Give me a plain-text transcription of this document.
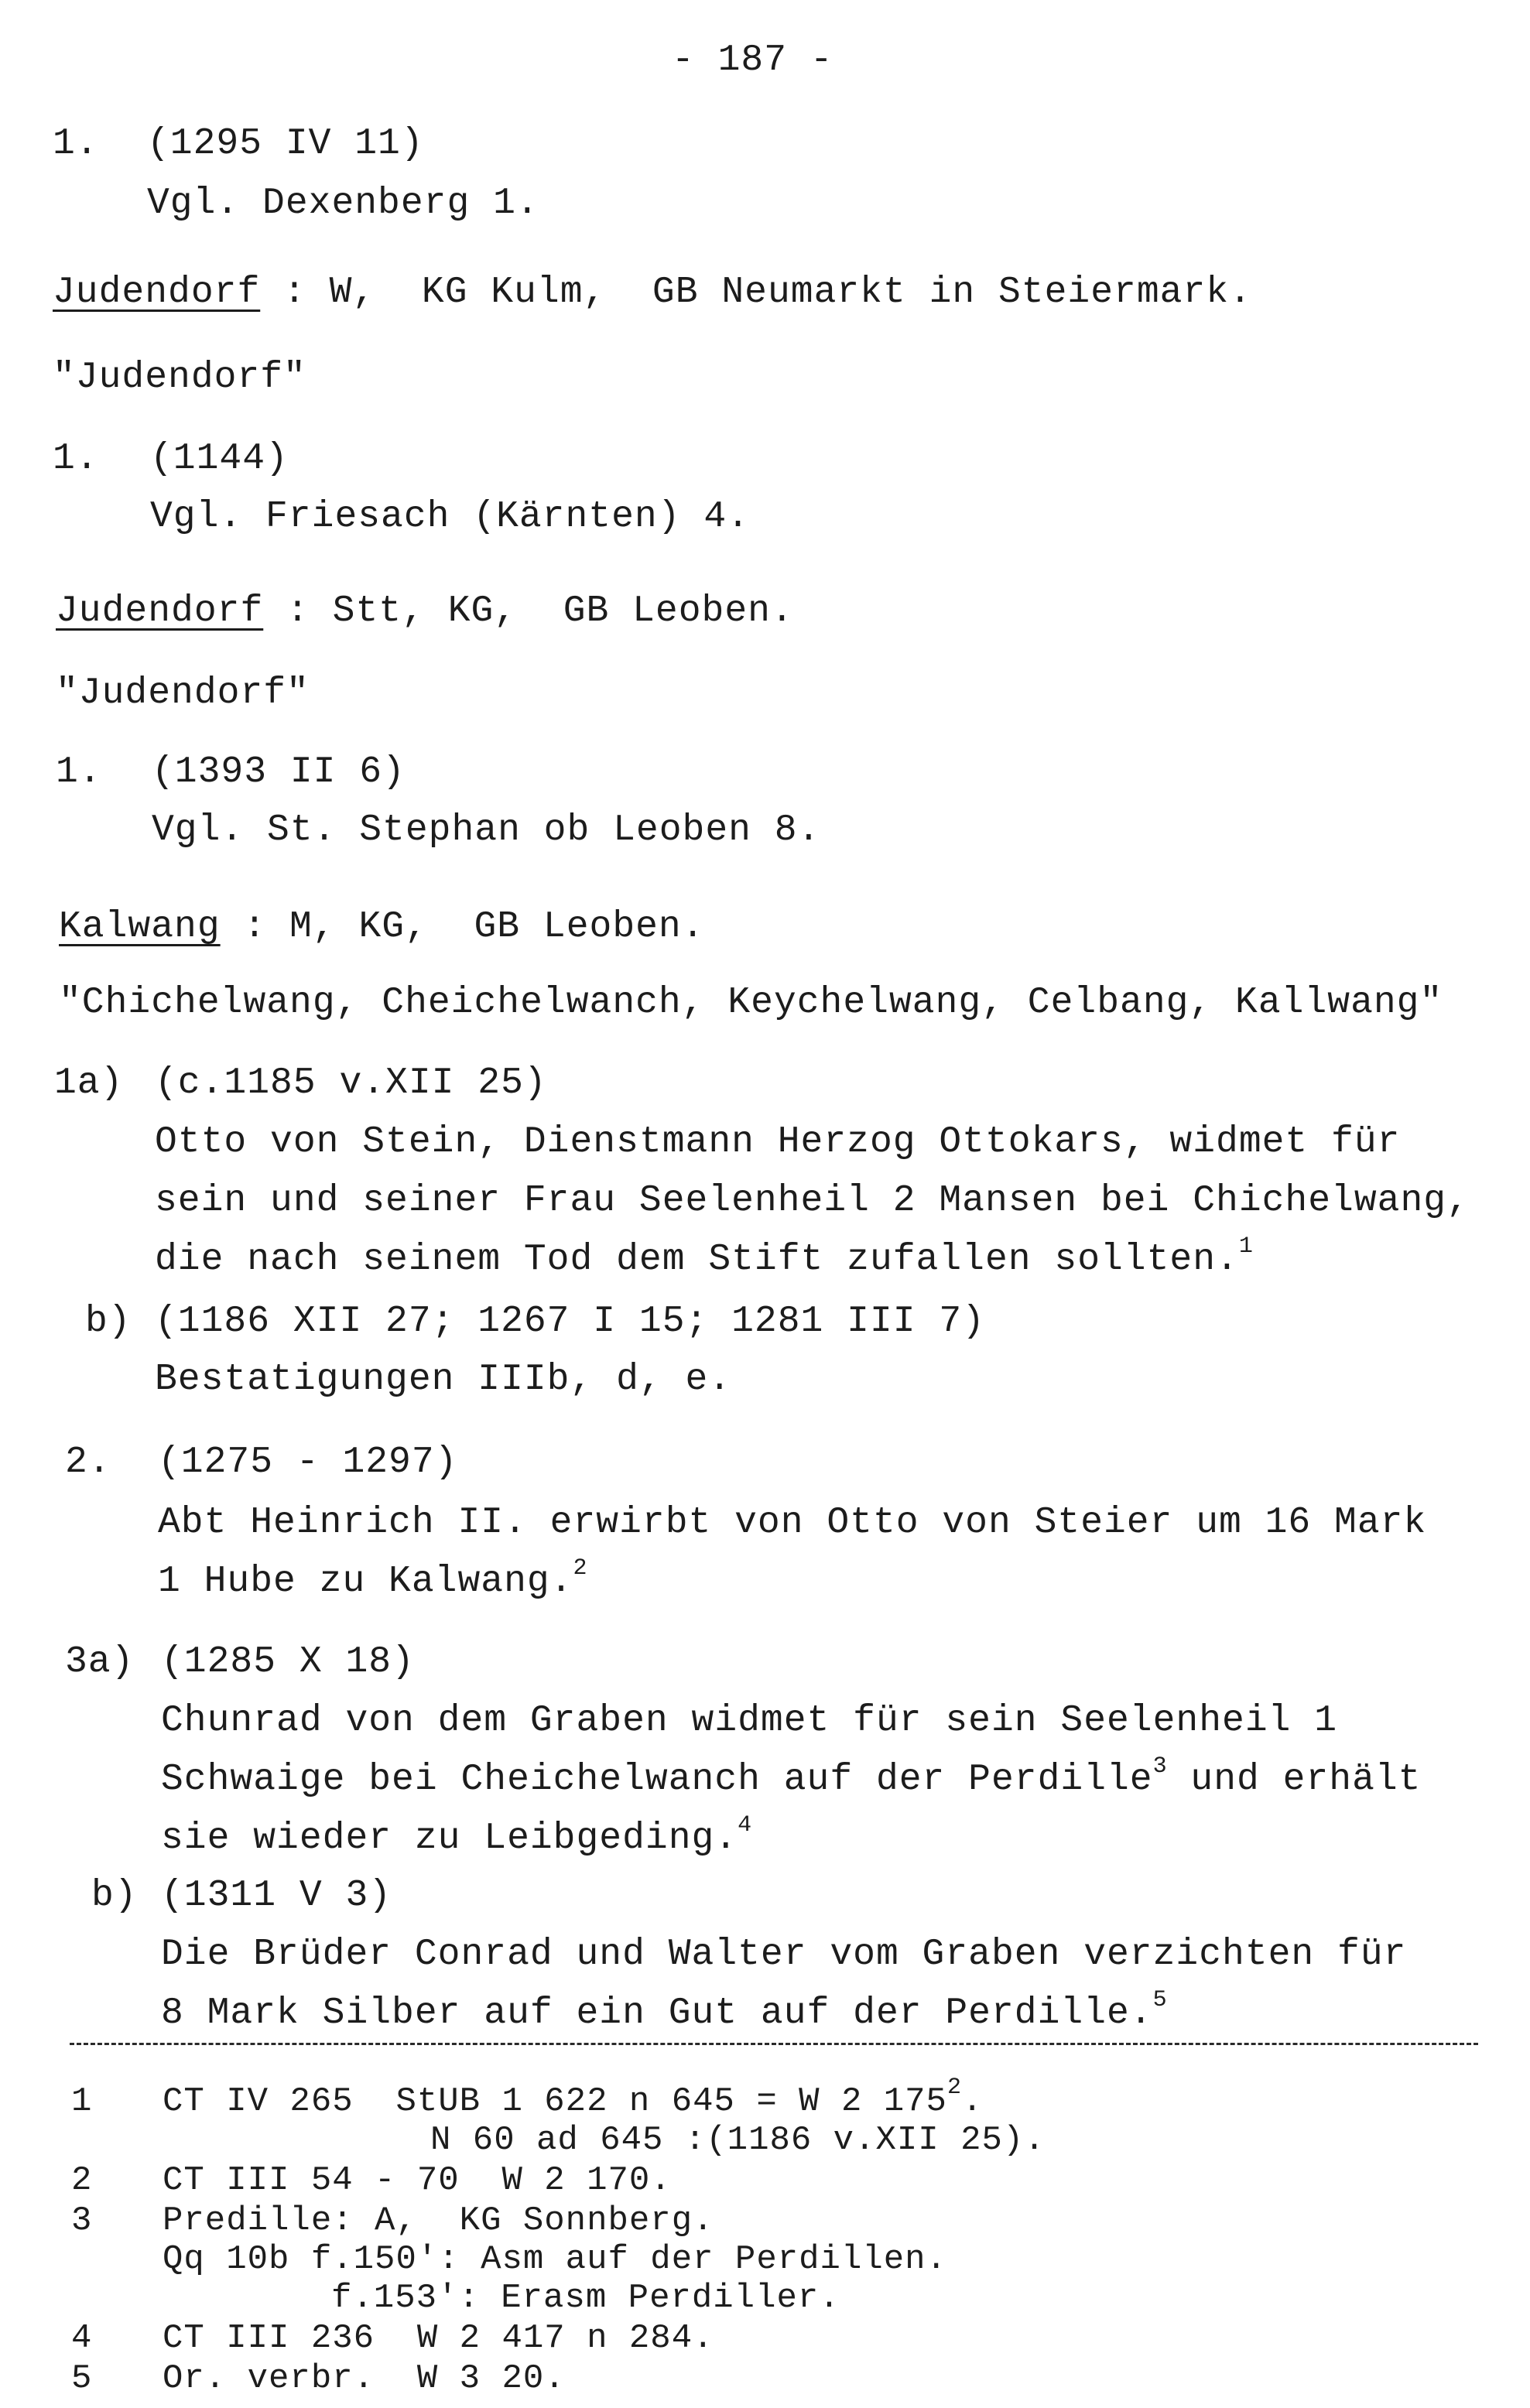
- 187 -
1. (1295 IV 11)
Vgl. Dexenberg 1.
Judendorf : W,  KG Kulm,  GB Neumarkt in Steiermark.
"Judendorf"
1. (1144)
Vgl. Friesach (Kärnten) 4.
Judendorf : Stt, KG,  GB Leoben.
"Judendorf"
1. (1393 II 6)
Vgl. St. Stephan ob Leoben 8.
Kalwang : M, KG,  GB Leoben.
"Chichelwang, Cheichelwanch, Keychelwang, Celbang, Kallwang"
1a) (c.1185 v.XII 25)
Otto von Stein, Dienstmann Herzog Ottokars, widmet für
sein und seiner Frau Seelenheil 2 Mansen bei Chichelwang,
die nach seinem Tod dem Stift zufallen sollten.$^1$
b) (1186 XII 27; 1267 I 15; 1281 III 7)
Bestatigungen IIIb, d, e.
2. (1275 - 1297)
Abt Heinrich II. erwirbt von Otto von Steier um 16 Mark
1 Hube zu Kalwang.$^2$
3a) (1285 X 18)
Chunrad von dem Graben widmet für sein Seelenheil 1
Schwaige bei Cheichelwanch auf der Perdille$^3$ und erhält
sie wieder zu Leibgeding.$^4$
b) (1311 V 3)
Die Brüder Conrad und Walter vom Graben verzichten für
8 Mark Silber auf ein Gut auf der Perdille.$^5$
1 CT IV 265  StUB 1 622 n 645 = W 2 $175^2$.
N 60 ad 645 :(1186 v.XII 25).
2 CT III 54 - 70  W 2 170.
3 Predille: A,  KG Sonnberg.
Qq 10b f.150': Asm auf der Perdillen.
f.153': Erasm Perdiller.
4 CT III 236  W 2 417 n 284.
5 Or. verbr.  W 3 20.
